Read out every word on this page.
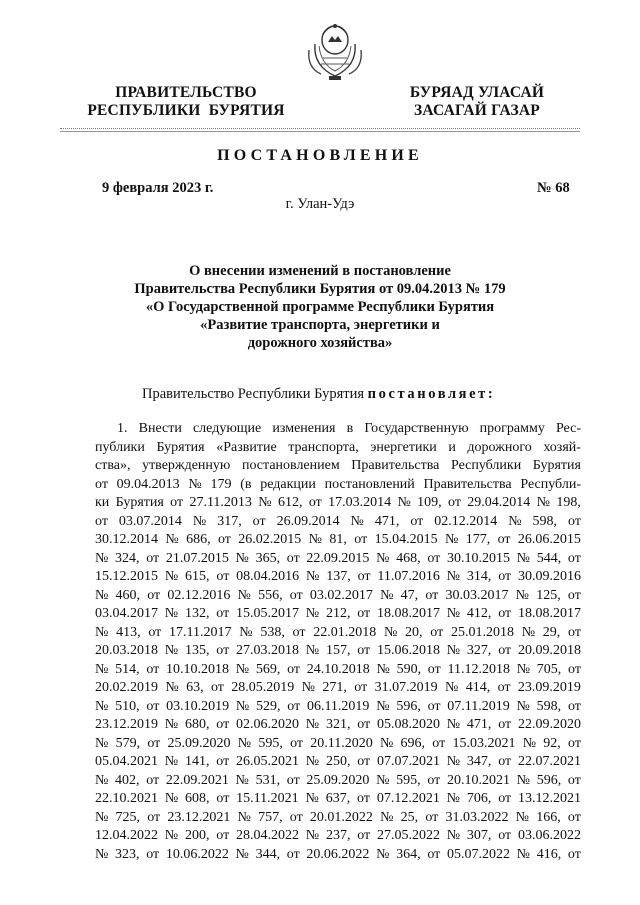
ПРАВИТЕЛЬСТВО
РЕСПУБЛИКИ  БУРЯТИЯ
БУРЯАД УЛАСАЙ
ЗАСАГАЙ ГАЗАР
ПОСТАНОВЛЕНИЕ
9 февраля 2023 г.	№ 68
г. Улан-Удэ
О внесении изменений в постановление
Правительства Республики Бурятия от 09.04.2013 № 179
«О Государственной программе Республики Бурятия
«Развитие транспорта, энергетики и
дорожного хозяйства»
Правительство Республики Бурятия постановляет:
1. Внести следующие изменения в Государственную программу Рес-
публики Бурятия «Развитие транспорта, энергетики и дорожного хозяй-
ства», утвержденную постановлением Правительства Республики Бурятия
от 09.04.2013 № 179 (в редакции постановлений Правительства Республи-
ки Бурятия от 27.11.2013 № 612, от 17.03.2014 № 109, от 29.04.2014 № 198,
от 03.07.2014 № 317, от 26.09.2014 № 471, от 02.12.2014 № 598, от
30.12.2014 № 686, от 26.02.2015 № 81, от 15.04.2015 № 177, от 26.06.2015
№ 324, от 21.07.2015 № 365, от 22.09.2015 № 468, от 30.10.2015 № 544, от
15.12.2015 № 615, от 08.04.2016 № 137, от 11.07.2016 № 314, от 30.09.2016
№ 460, от 02.12.2016 № 556, от 03.02.2017 № 47, от 30.03.2017 № 125, от
03.04.2017 № 132, от 15.05.2017 № 212, от 18.08.2017 № 412, от 18.08.2017
№ 413, от 17.11.2017 № 538, от 22.01.2018 № 20, от 25.01.2018 № 29, от
20.03.2018 № 135, от 27.03.2018 № 157, от 15.06.2018 № 327, от 20.09.2018
№ 514, от 10.10.2018 № 569, от 24.10.2018 № 590, от 11.12.2018 № 705, от
20.02.2019 № 63, от 28.05.2019 № 271, от 31.07.2019 № 414, от 23.09.2019
№ 510, от 03.10.2019 № 529, от 06.11.2019 № 596, от 07.11.2019 № 598, от
23.12.2019 № 680, от 02.06.2020 № 321, от 05.08.2020 № 471, от 22.09.2020
№ 579, от 25.09.2020 № 595, от 20.11.2020 № 696, от 15.03.2021 № 92, от
05.04.2021 № 141, от 26.05.2021 № 250, от 07.07.2021 № 347, от 22.07.2021
№ 402, от 22.09.2021 № 531, от 25.09.2020 № 595, от 20.10.2021 № 596, от
22.10.2021 № 608, от 15.11.2021 № 637, от 07.12.2021 № 706, от 13.12.2021
№ 725, от 23.12.2021 № 757, от 20.01.2022 № 25, от 31.03.2022 № 166, от
12.04.2022 № 200, от 28.04.2022 № 237, от 27.05.2022 № 307, от 03.06.2022
№ 323, от 10.06.2022 № 344, от 20.06.2022 № 364, от 05.07.2022 № 416, от
